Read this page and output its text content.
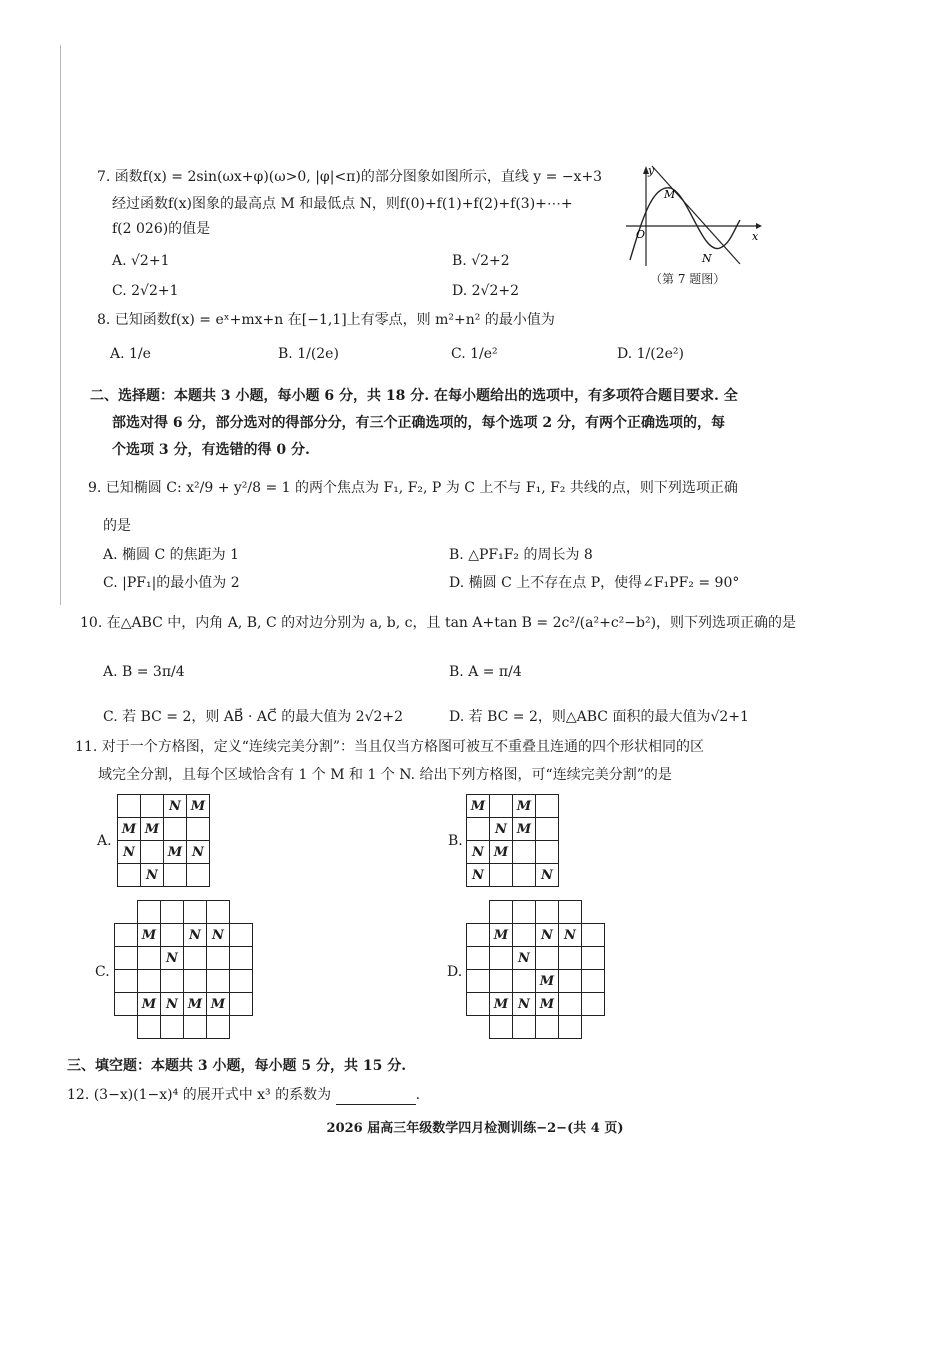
7. 函数f(x) = 2sin(ωx+φ)(ω>0, |φ|<π)的部分图象如图所示，直线 y = −x+3
经过函数f(x)图象的最高点 M 和最低点 N，则f(0)+f(1)+f(2)+f(3)+⋯+
f(2 026)的值是
A. √2+1	B. √2+2
C. 2√2+1	D. 2√2+2
y
x
O
M
N
（第 7 题图）
8. 已知函数f(x) = eˣ+mx+n 在[−1,1]上有零点，则 m²+n² 的最小值为
A. 1/e	B. 1/(2e)	C. 1/e²	D. 1/(2e²)
二、选择题：本题共 3 小题，每小题 6 分，共 18 分. 在每小题给出的选项中，有多项符合题目要求. 全
部选对得 6 分，部分选对的得部分分，有三个正确选项的，每个选项 2 分，有两个正确选项的，每
个选项 3 分，有选错的得 0 分.
9. 已知椭圆 C: x²/9 + y²/8 = 1 的两个焦点为 F₁, F₂, P 为 C 上不与 F₁, F₂ 共线的点，则下列选项正确
的是
A. 椭圆 C 的焦距为 1	B. △PF₁F₂ 的周长为 8
C. |PF₁|的最小值为 2	D. 椭圆 C 上不存在点 P，使得∠F₁PF₂ = 90°
10. 在△ABC 中，内角 A, B, C 的对边分别为 a, b, c，且 tan A+tan B = 2c²/(a²+c²−b²)，则下列选项正确的是
A. B = 3π/4	B. A = π/4
C. 若 BC = 2，则 AB⃗ · AC⃗ 的最大值为 2√2+2	D. 若 BC = 2，则△ABC 面积的最大值为√2+1
11. 对于一个方格图，定义“连续完美分割”：当且仅当方格图可被互不重叠且连通的四个形状相同的区
域完全分割，且每个区域恰含有 1 个 M 和 1 个 N. 给出下列方格图，可“连续完美分割”的是
A.
		N	M
M	M		
N		M	N
	N		
B.
M		M	
	N	M	
N	M		
N			N
C.

	M		N	N	
		N			

	M	N	M	M	

D.

	M		N	N	
		N			
			M		
	M	N	M		

三、填空题：本题共 3 小题，每小题 5 分，共 15 分.
12. (3−x)(1−x)⁴ 的展开式中 x³ 的系数为	.
2026 届高三年级数学四月检测训练−2−(共 4 页)
